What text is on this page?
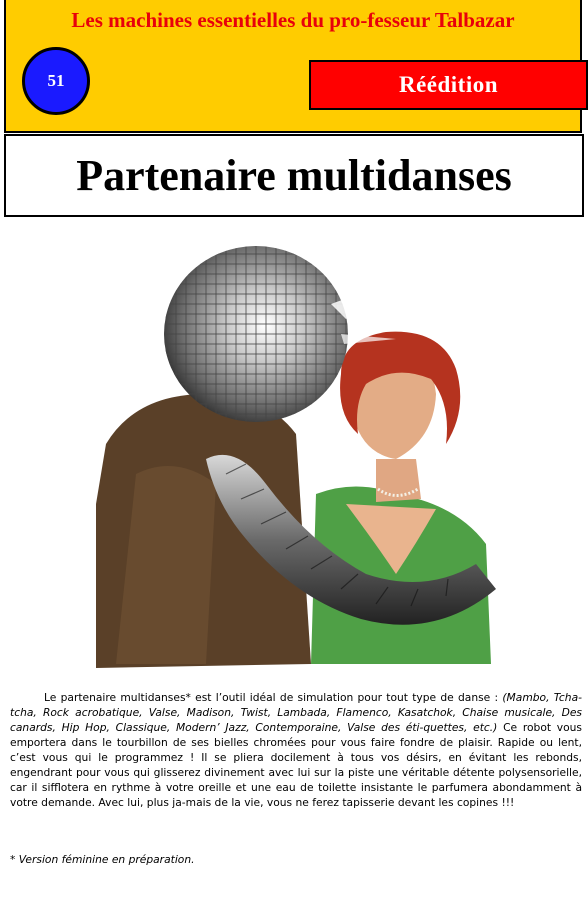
Les machines essentielles du pro-fesseur Talbazar
51	Réédition
Partenaire multidanses

Le partenaire multidanses* est l’outil idéal de simulation pour tout type de danse : (Mambo, Tcha-tcha, Rock acrobatique, Valse, Madison, Twist, Lambada, Flamenco, Kasatchok, Chaise musicale, Des canards, Hip Hop, Classique, Modern’ Jazz, Contemporaine, Valse des éti-quettes, etc.) Ce robot vous emportera dans le tourbillon de ses bielles chromées pour vous faire fondre de plaisir. Rapide ou lent, c’est vous qui le programmez ! Il se pliera docilement à tous vos désirs, en évitant les rebonds, engendrant pour vous qui glisserez divinement avec lui sur la piste une véritable détente polysensorielle, car il sifflotera en rythme à votre oreille et une eau de toilette insistante le parfumera abondamment à votre demande. Avec lui, plus ja-mais de la vie, vous ne ferez tapisserie devant les copines !!!

* Version féminine en préparation.
